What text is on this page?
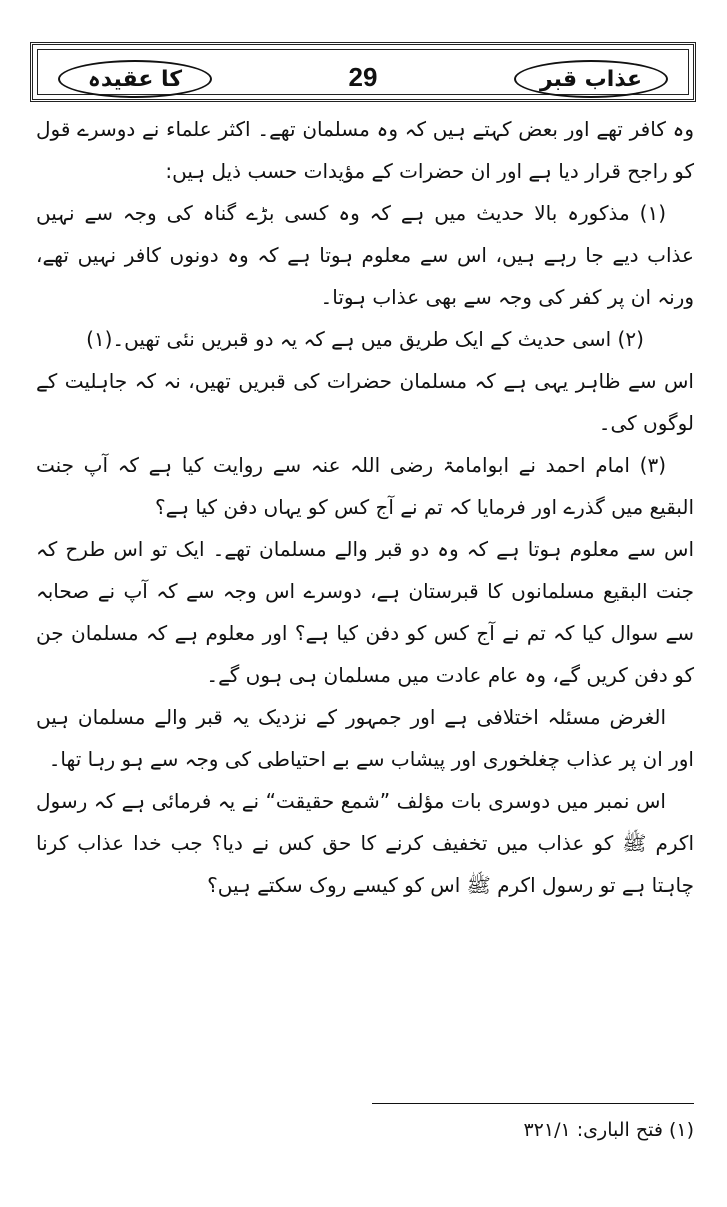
کا عقیدہ	29	عذاب قبر

وہ کافر تھے اور بعض کہتے ہیں کہ وہ مسلمان تھے۔ اکثر علماء نے دوسرے قول کو راجح قرار دیا ہے اور ان حضرات کے مؤیدات حسب ذیل ہیں:

(۱) مذکورہ بالا حدیث میں ہے کہ وہ کسی بڑے گناہ کی وجہ سے نہیں عذاب دیے جا رہے ہیں، اس سے معلوم ہوتا ہے کہ وہ دونوں کافر نہیں تھے، ورنہ ان پر کفر کی وجہ سے بھی عذاب ہوتا۔

(۲) اسی حدیث کے ایک طریق میں ہے کہ یہ دو قبریں نئی تھیں۔(۱)

اس سے ظاہر یہی ہے کہ مسلمان حضرات کی قبریں تھیں، نہ کہ جاہلیت کے لوگوں کی۔

(۳) امام احمد نے ابوامامۃ رضی اللہ عنہ سے روایت کیا ہے کہ آپ جنت البقیع میں گذرے اور فرمایا کہ تم نے آج کس کو یہاں دفن کیا ہے؟

اس سے معلوم ہوتا ہے کہ وہ دو قبر والے مسلمان تھے۔ ایک تو اس طرح کہ جنت البقیع مسلمانوں کا قبرستان ہے، دوسرے اس وجہ سے کہ آپ نے صحابہ سے سوال کیا کہ تم نے آج کس کو دفن کیا ہے؟ اور معلوم ہے کہ مسلمان جن کو دفن کریں گے، وہ عام عادت میں مسلمان ہی ہوں گے۔

الغرض مسئلہ اختلافی ہے اور جمہور کے نزدیک یہ قبر والے مسلمان ہیں اور ان پر عذاب چغلخوری اور پیشاب سے بے احتیاطی کی وجہ سے ہو رہا تھا۔

اس نمبر میں دوسری بات مؤلف ”شمع حقیقت“ نے یہ فرمائی ہے کہ رسول اکرم ﷺ کو عذاب میں تخفیف کرنے کا حق کس نے دیا؟ جب خدا عذاب کرنا چاہتا ہے تو رسول اکرم ﷺ اس کو کیسے روک سکتے ہیں؟

(۱) فتح الباری: ۳۲۱/۱
